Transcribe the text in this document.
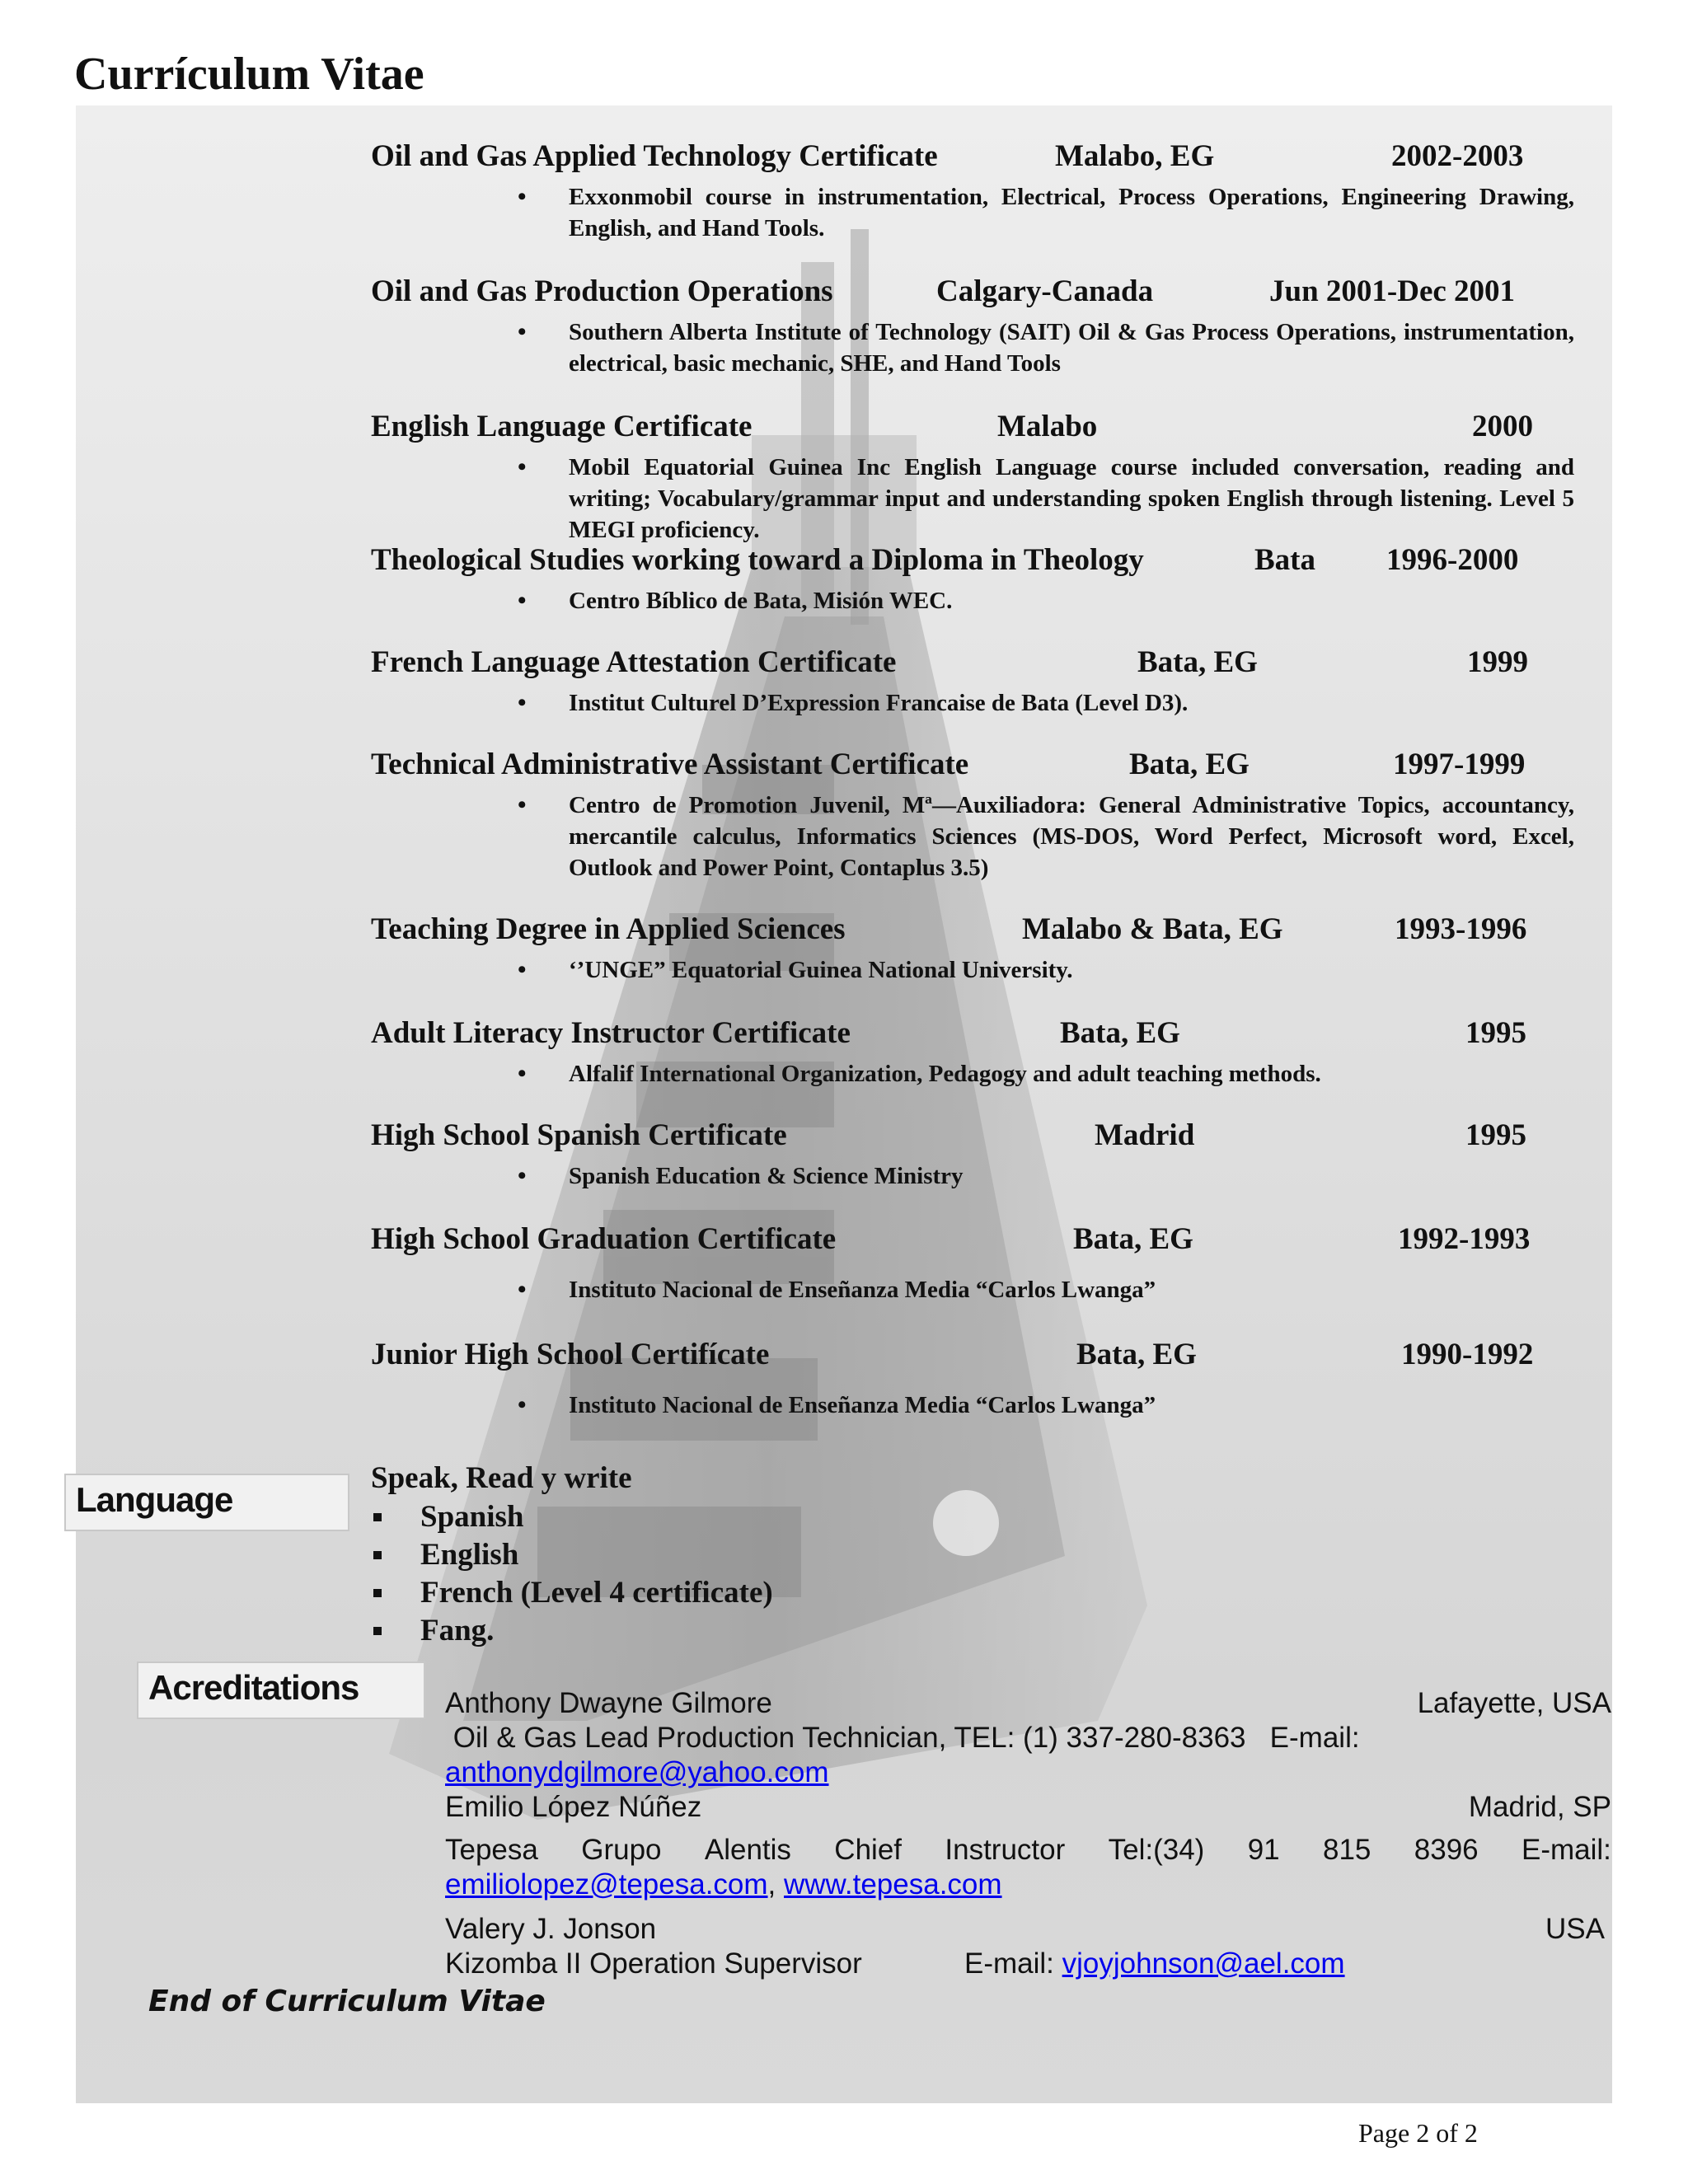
Currículum Vitae
Oil and Gas Applied Technology Certificate	Malabo, EG	2002-2003
• Exxonmobil course in instrumentation, Electrical, Process Operations, Engineering Drawing, English, and Hand Tools.
Oil and Gas Production Operations	Calgary-Canada	Jun 2001-Dec 2001
• Southern Alberta Institute of Technology (SAIT) Oil & Gas Process Operations, instrumentation, electrical, basic mechanic, SHE, and Hand Tools
English Language Certificate	Malabo	2000
• Mobil Equatorial Guinea Inc English Language course included conversation, reading and writing; Vocabulary/grammar input and understanding spoken English through listening. Level 5 MEGI proficiency.
Theological Studies working toward a Diploma in Theology	Bata 1996-2000
• Centro Bíblico de Bata, Misión WEC.
French Language Attestation Certificate	Bata, EG	1999
• Institut Culturel D’Expression Francaise de Bata (Level D3).
Technical Administrative Assistant Certificate	Bata, EG	1997-1999
• Centro de Promotion Juvenil, Mª—Auxiliadora: General Administrative Topics, accountancy, mercantile calculus, Informatics Sciences (MS-DOS, Word Perfect, Microsoft word, Excel, Outlook and Power Point, Contaplus 3.5)
Teaching Degree in Applied Sciences	Malabo & Bata, EG	1993-1996
• ‘’UNGE” Equatorial Guinea National University.
Adult Literacy Instructor Certificate	Bata, EG	1995
• Alfalif International Organization, Pedagogy and adult teaching methods.
High School Spanish Certificate	Madrid	1995
• Spanish Education & Science Ministry
High School Graduation Certificate	Bata, EG	1992-1993
• Instituto Nacional de Enseñanza Media “Carlos Lwanga”
Junior High School Certifícate	Bata, EG	1990-1992
• Instituto Nacional de Enseñanza Media “Carlos Lwanga”
Language
Speak, Read y write
Spanish
English
French (Level 4 certificate)
Fang.
Acreditations	Anthony Dwayne Gilmore	Lafayette, USA
Oil & Gas Lead Production Technician, TEL: (1) 337-280-8363   E-mail:
anthonydgilmore@yahoo.com
Emilio López Núñez	Madrid, SP
Tepesa Grupo Alentis Chief Instructor Tel:(34) 91 815 8396 E-mail:
emiliolopez@tepesa.com, www.tepesa.com
Valery J. Jonson	USA
Kizomba II Operation Supervisor	E-mail: vjoyjohnson@ael.com
End of Curriculum Vitae
Page 2 of 2
